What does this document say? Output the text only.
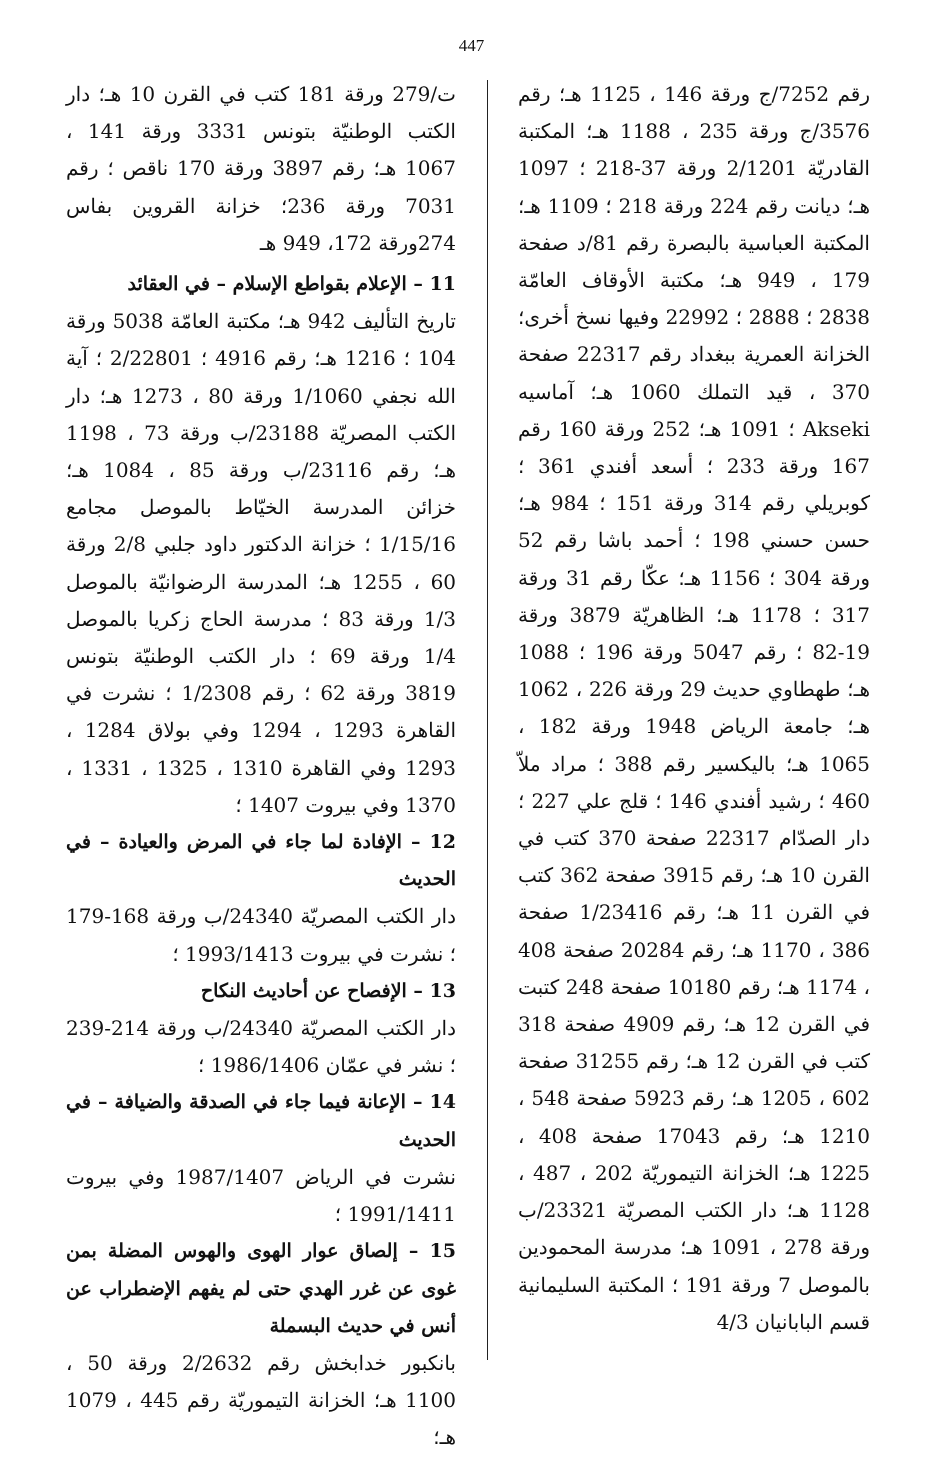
447

رقم 7252/ج ورقة 146 ، 1125 هـ؛ رقم 3576/ج ورقة 235 ، 1188 هـ؛ المكتبة القادريّة 2/1201 ورقة 37-218 ؛ 1097 هـ؛ ديانت رقم 224 ورقة 218 ؛ 1109 هـ؛ المكتبة العباسية بالبصرة رقم 81/د صفحة 179 ، 949 هـ؛ مكتبة الأوقاف العامّة 2838 ؛ 2888 ؛ 22992 وفيها نسخ أخرى؛ الخزانة العمرية ببغداد رقم 22317 صفحة 370 ، قيد التملك 1060 هـ؛ آماسيه Akseki ؛ 1091 هـ؛ 252 ورقة 160 رقم 167 ورقة 233 ؛ أسعد أفندي 361 ؛ كوبريلي رقم 314 ورقة 151 ؛ 984 هـ؛ حسن حسني 198 ؛ أحمد باشا رقم 52 ورقة 304 ؛ 1156 هـ؛ عكّا رقم 31 ورقة 317 ؛ 1178 هـ؛ الظاهريّة 3879 ورقة 19-82 ؛ رقم 5047 ورقة 196 ؛ 1088 هـ؛ طهطاوي حديث 29 ورقة 226 ، 1062 هـ؛ جامعة الرياض 1948 ورقة 182 ، 1065 هـ؛ باليكسير رقم 388 ؛ مراد ملاّ 460 ؛ رشيد أفندي 146 ؛ قلج علي 227 ؛ دار الصدّام 22317 صفحة 370 كتب في القرن 10 هـ؛ رقم 3915 صفحة 362 كتب في القرن 11 هـ؛ رقم 1/23416 صفحة 386 ، 1170 هـ؛ رقم 20284 صفحة 408 ، 1174 هـ؛ رقم 10180 صفحة 248 كتبت في القرن 12 هـ؛ رقم 4909 صفحة 318 كتب في القرن 12 هـ؛ رقم 31255 صفحة 602 ، 1205 هـ؛ رقم 5923 صفحة 548 ، 1210 هـ؛ رقم 17043 صفحة 408 ، 1225 هـ؛ الخزانة التيموريّة 202 ، 487 ، 1128 هـ؛ دار الكتب المصريّة 23321/ب ورقة 278 ، 1091 هـ؛ مدرسة المحمودين بالموصل 7 ورقة 191 ؛ المكتبة السليمانية قسم البابانيان 4/3

ت/279 ورقة 181 كتب في القرن 10 هـ؛ دار الكتب الوطنيّة بتونس 3331 ورقة 141 ، 1067 هـ؛ رقم 3897 ورقة 170 ناقص ؛ رقم 7031 ورقة 236؛ خزانة القروين بفاس 274ورقة 172، 949 هـ

11 – الإعلام بقواطع الإسلام – في العقائد

تاريخ التأليف 942 هـ؛ مكتبة العامّة 5038 ورقة 104 ؛ 1216 هـ؛ رقم 4916 ؛ 2/22801 ؛ آية الله نجفي 1/1060 ورقة 80 ، 1273 هـ؛ دار الكتب المصريّة 23188/ب ورقة 73 ، 1198 هـ؛ رقم 23116/ب ورقة 85 ، 1084 هـ؛ خزائن المدرسة الخيّاط بالموصل مجامع 1/15/16 ؛ خزانة الدكتور داود جلبي 2/8 ورقة 60 ، 1255 هـ؛ المدرسة الرضوانيّة بالموصل 1/3 ورقة 83 ؛ مدرسة الحاج زكريا بالموصل 1/4 ورقة 69 ؛ دار الكتب الوطنيّة بتونس 3819 ورقة 62 ؛ رقم 1/2308 ؛ نشرت في القاهرة 1293 ، 1294 وفي بولاق 1284 ، 1293 وفي القاهرة 1310 ، 1325 ، 1331 ، 1370 وفي بيروت 1407 ؛

12 – الإفادة لما جاء في المرض والعيادة – في الحديث

دار الكتب المصريّة 24340/ب ورقة 168-179 ؛ نشرت في بيروت 1993/1413 ؛

13 – الإفصاح عن أحاديث النكاح

دار الكتب المصريّة 24340/ب ورقة 214-239 ؛ نشر في عمّان 1986/1406 ؛

14 – الإعانة فيما جاء في الصدقة والضيافة – في الحديث

نشرت في الرياض 1987/1407 وفي بيروت 1991/1411 ؛

15 – إلصاق عوار الهوى والهوس المضلة بمن غوى عن غرر الهدي حتى لم يفهم الإضطراب عن أنس في حديث البسملة

بانكبور خدابخش رقم 2/2632 ورقة 50 ، 1100 هـ؛ الخزانة التيموريّة رقم 445 ، 1079 هـ؛
